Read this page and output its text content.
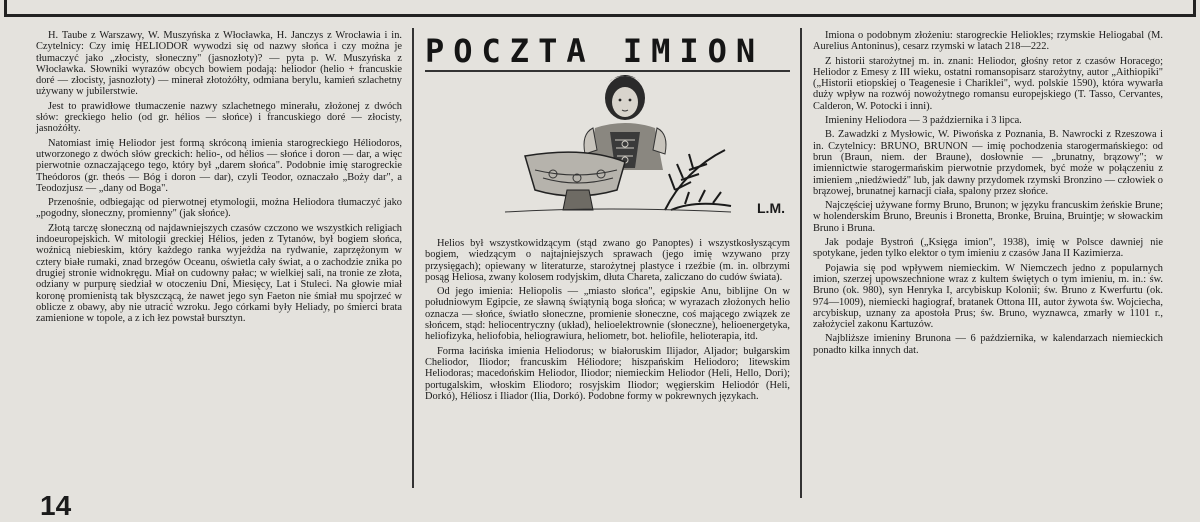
H. Taube z Warszawy, W. Muszyńska z Włocławka, H. Janczys z Wrocławia i in. Czytelnicy: Czy imię HELIODOR wywodzi się od nazwy słońca i czy można je tłumaczyć jako „złocisty, słoneczny" (jasnozłoty)? — pyta p. W. Muszyńska z Włocławka. Słowniki wyrazów obcych bowiem podają: heliodor (helio + francuskie doré — złocisty, jasnozłoty) — minerał złotożółty, odmiana berylu, kamień szlachetny używany w jubilerstwie.

Jest to prawidłowe tłumaczenie nazwy szlachetnego minerału, złożonej z dwóch słów: greckiego helio (od gr. hélios — słońce) i francuskiego doré — złocisty, jasnożółty.

Natomiast imię Heliodor jest formą skróconą imienia starogreckiego Héliodoros, utworzonego z dwóch słów greckich: helio-, od hélios — słońce i doron — dar, a więc pierwotnie oznaczającego tego, który był „darem słońca". Podobnie imię starogreckie Theódoros (gr. theós — Bóg i doron — dar), czyli Teodor, oznaczało „Boży dar", a Teodozjusz — „dany od Boga".

Przenośnie, odbiegając od pierwotnej etymologii, można Heliodora tłumaczyć jako „pogodny, słoneczny, promienny" (jak słońce).

Złotą tarczę słoneczną od najdawniejszych czasów czczono we wszystkich religiach indoeuropejskich. W mitologii greckiej Hélios, jeden z Tytanów, był bogiem słońca, woźnicą niebieskim, który każdego ranka wyjeżdża na rydwanie, zaprzężonym w cztery białe rumaki, znad brzegów Oceanu, oświetla cały świat, a o zachodzie znika po drugiej stronie widnokręgu. Miał on cudowny pałac; w wielkiej sali, na tronie ze złota, odziany w purpurę siedział w otoczeniu Dni, Miesięcy, Lat i Stuleci. Na głowie miał koronę promienistą tak błyszczącą, że nawet jego syn Faeton nie śmiał mu spojrzeć w oblicze z obawy, aby nie utracić wzroku. Jego córkami były Heliady, po śmierci brata zamienione w topole, a z ich łez powstał bursztyn.

POCZTA IMION
L.M.

Helios był wszystkowidzącym (stąd zwano go Panoptes) i wszystkosłyszącym bogiem, wiedzącym o najtajniejszych sprawach (jego imię wzywano przy przysięgach); opiewany w literaturze, starożytnej plastyce i rzeźbie (m. in. olbrzymi posąg Heliosa, zwany kolosem rodyjskim, dłuta Chareta, zaliczano do cudów świata).

Od jego imienia: Heliopolis — „miasto słońca", egipskie Anu, biblijne On w południowym Egipcie, ze sławną świątynią boga słońca; w wyrazach złożonych helio oznacza — słońce, światło słoneczne, promienie słoneczne, coś mającego związek ze słońcem, stąd: heliocentryczny (układ), helioelektrownie (słoneczne), helioenergetyka, heliofizyka, heliofobia, heliograwiura, heliometr, bot. heliofile, helioterapia, itd.

Forma łacińska imienia Heliodorus; w białoruskim Ilijador, Aljador; bułgarskim Cheliodor, Iliodor; francuskim Héliodore; hiszpańskim Heliodoro; litewskim Heliodoras; macedońskim Heliodor, Iliodor; niemieckim Heliodor (Heli, Hello, Dori); portugalskim, włoskim Eliodoro; rosyjskim Iliodor; węgierskim Heliodór (Heli, Dorkó), Héliosz i Iliador (Ilia, Dorkó). Podobne formy w pokrewnych językach.

Imiona o podobnym złożeniu: starogreckie Heliokles; rzymskie Heliogabal (M. Aurelius Antoninus), cesarz rzymski w latach 218—222.

Z historii starożytnej m. in. znani: Heliodor, głośny retor z czasów Horacego; Heliodor z Emesy z III wieku, ostatni romansopisarz starożytny, autor „Aithiopiki" („Historii etiopskiej o Teagenesie i Chariklei", wyd. polskie 1590), która wywarła duży wpływ na rozwój nowożytnego romansu europejskiego (T. Tasso, Cervantes, Calderon, W. Potocki i inni).

Imieniny Heliodora — 3 października i 3 lipca.

B. Zawadzki z Mysłowic, W. Piwońska z Poznania, B. Nawrocki z Rzeszowa i in. Czytelnicy: BRUNO, BRUNON — imię pochodzenia starogermańskiego: od brun (Braun, niem. der Braune), dosłownie — „brunatny, brązowy"; w imiennictwie starogermańskim pierwotnie przydomek, być może w połączeniu z imieniem „niedźwiedź" lub, jak dawny przydomek rzymski Bronzino — człowiek o brązowej, brunatnej karnacji ciała, spalony przez słońce.

Najczęściej używane formy Bruno, Brunon; w języku francuskim żeńskie Brune; w holenderskim Bruno, Breunis i Bronetta, Bronke, Bruina, Bruintje; w słowackim Bruno i Bruna.

Jak podaje Bystroń („Księga imion", 1938), imię w Polsce dawniej nie spotykane, jeden tylko elektor o tym imieniu z czasów Jana II Kazimierza.

Pojawia się pod wpływem niemieckim. W Niemczech jedno z popularnych imion, szerzej upowszechnione wraz z kultem świętych o tym imieniu, m. in.: św. Bruno (ok. 980), syn Henryka I, arcybiskup Kolonii; św. Bruno z Kwerfurtu (ok. 974—1009), niemiecki hagiograf, bratanek Ottona III, autor żywota św. Wojciecha, arcybiskup, uznany za apostoła Prus; św. Bruno, wyznawca, zmarły w 1101 r., założyciel zakonu Kartuzów.

Najbliższe imieniny Brunona — 6 października, w kalendarzach niemieckich ponadto kilka innych dat.

14
